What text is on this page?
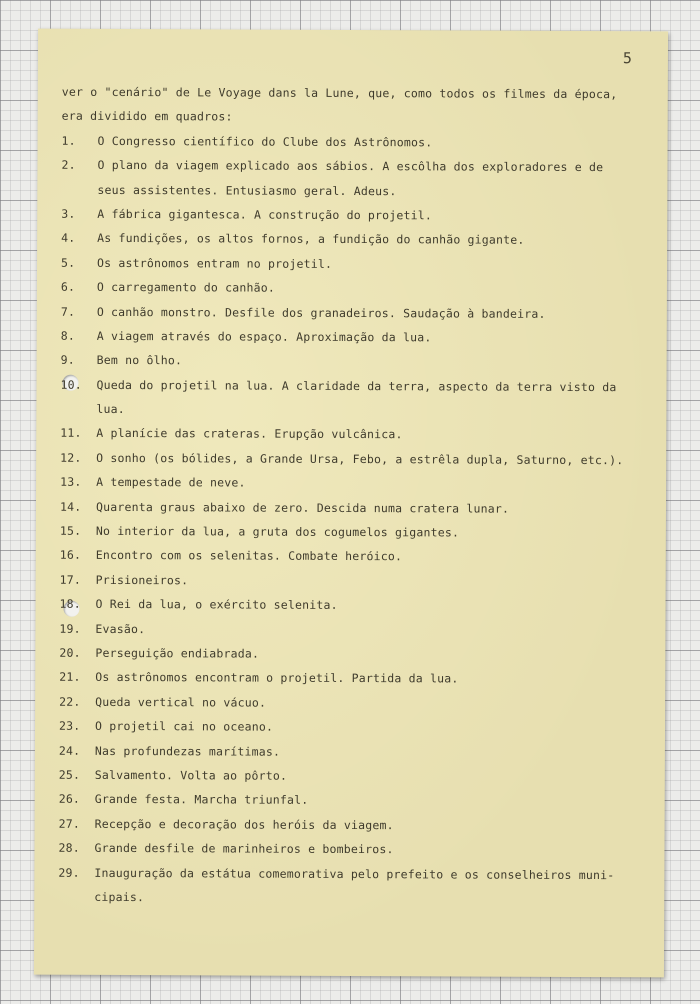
5
ver o "cenário" de Le Voyage dans la Lune, que, como todos os filmes da época,
era dividido em quadros:
1.	O Congresso científico do Clube dos Astrônomos.
2.	O plano da viagem explicado aos sábios. A escôlha dos exploradores e de
seus assistentes. Entusiasmo geral. Adeus.
3.	A fábrica gigantesca. A construção do projetil.
4.	As fundições, os altos fornos, a fundição do canhão gigante.
5.	Os astrônomos entram no projetil.
6.	O carregamento do canhão.
7.	O canhão monstro. Desfile dos granadeiros. Saudação à bandeira.
8.	A viagem através do espaço. Aproximação da lua.
9.	Bem no ôlho.
10.	Queda do projetil na lua. A claridade da terra, aspecto da terra visto da
lua.
11.	A planície das crateras. Erupção vulcânica.
12.	O sonho (os bólides, a Grande Ursa, Febo, a estrêla dupla, Saturno, etc.).
13.	A tempestade de neve.
14.	Quarenta graus abaixo de zero. Descida numa cratera lunar.
15.	No interior da lua, a gruta dos cogumelos gigantes.
16.	Encontro com os selenitas. Combate heróico.
17.	Prisioneiros.
18.	O Rei da lua, o exército selenita.
19.	Evasão.
20.	Perseguição endiabrada.
21.	Os astrônomos encontram o projetil. Partida da lua.
22.	Queda vertical no vácuo.
23.	O projetil cai no oceano.
24.	Nas profundezas marítimas.
25.	Salvamento. Volta ao pôrto.
26.	Grande festa. Marcha triunfal.
27.	Recepção e decoração dos heróis da viagem.
28.	Grande desfile de marinheiros e bombeiros.
29.	Inauguração da estátua comemorativa pelo prefeito e os conselheiros muni-
cipais.
